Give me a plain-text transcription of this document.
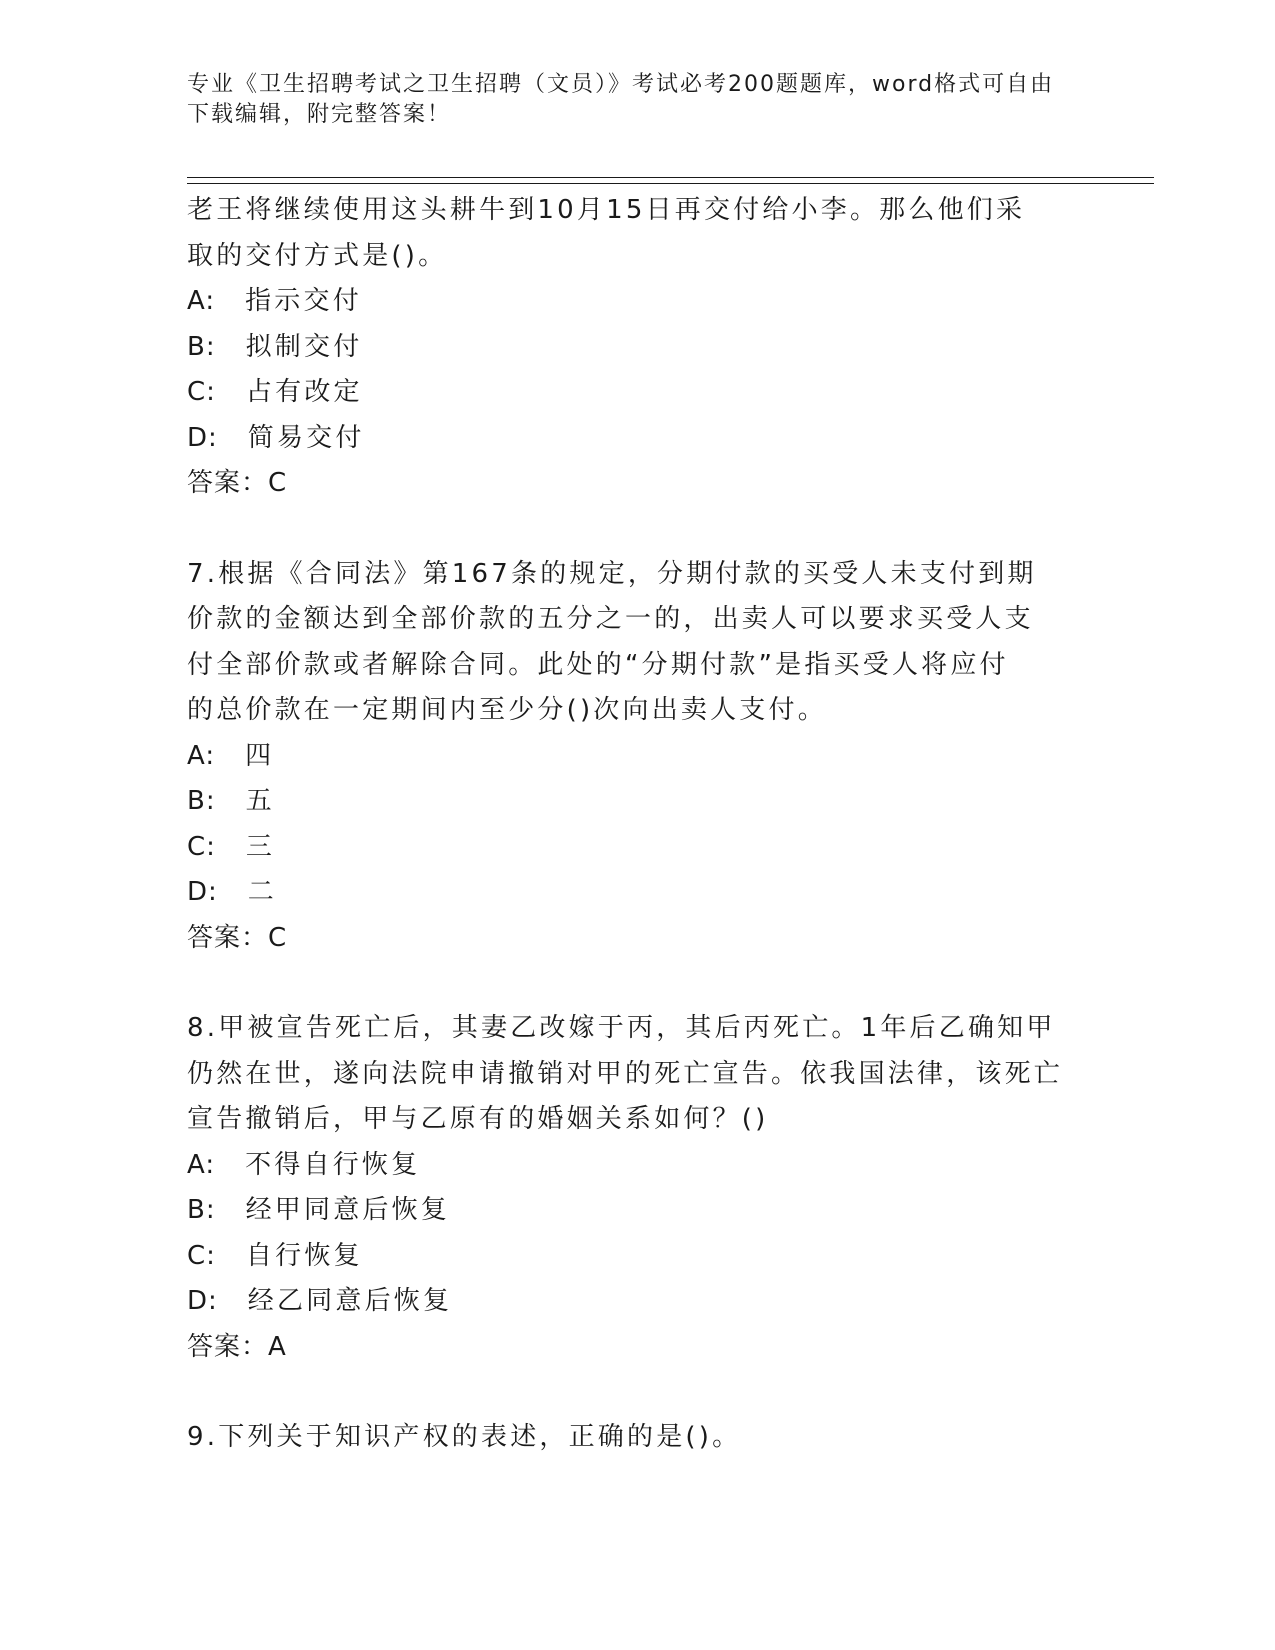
专业《卫生招聘考试之卫生招聘（文员）》考试必考200题题库，word格式可自由下载编辑，附完整答案！

老王将继续使用这头耕牛到10月15日再交付给小李。那么他们采取的交付方式是()。

A: 指示交付
B: 拟制交付
C: 占有改定
D: 简易交付

答案：C

7.根据《合同法》第167条的规定，分期付款的买受人未支付到期价款的金额达到全部价款的五分之一的，出卖人可以要求买受人支付全部价款或者解除合同。此处的“分期付款”是指买受人将应付的总价款在一定期间内至少分()次向出卖人支付。

A: 四
B: 五
C: 三
D: 二

答案：C

8.甲被宣告死亡后，其妻乙改嫁于丙，其后丙死亡。1年后乙确知甲仍然在世，遂向法院申请撤销对甲的死亡宣告。依我国法律，该死亡宣告撤销后，甲与乙原有的婚姻关系如何？()

A: 不得自行恢复
B: 经甲同意后恢复
C: 自行恢复
D: 经乙同意后恢复

答案：A

9.下列关于知识产权的表述，正确的是()。
